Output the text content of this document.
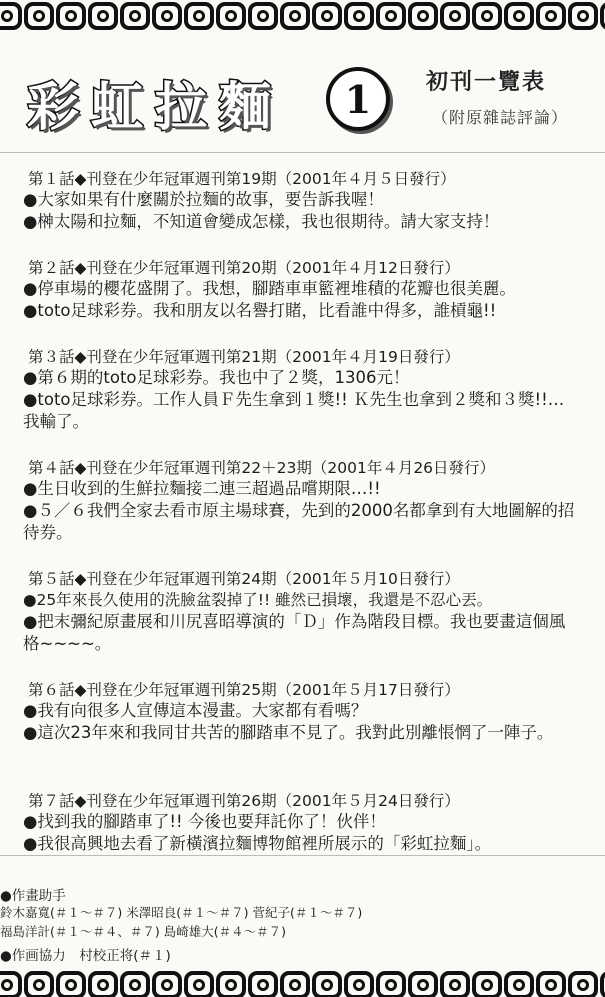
彩虹拉麵	1	初刊一覽表
（附原雜誌評論）
第１話◆刊登在少年冠軍週刊第19期（2001年４月５日發行）
●大家如果有什麼關於拉麵的故事，要告訴我喔！
●榊太陽和拉麵，不知道會變成怎樣，我也很期待。請大家支持！
第２話◆刊登在少年冠軍週刊第20期（2001年４月12日發行）
●停車場的櫻花盛開了。我想，腳踏車車籃裡堆積的花瓣也很美麗。
●toto足球彩券。我和朋友以名譽打賭，比看誰中得多，誰槓龜!!
第３話◆刊登在少年冠軍週刊第21期（2001年４月19日發行）
●第６期的toto足球彩券。我也中了２獎，1306元！
●toto足球彩券。工作人員Ｆ先生拿到１獎!! Ｋ先生也拿到２獎和３獎!!…我輸了。
第４話◆刊登在少年冠軍週刊第22＋23期（2001年４月26日發行）
●生日收到的生鮮拉麵接二連三超過品嚐期限…!!
●５／６我們全家去看市原主場球賽，先到的2000名都拿到有大地圖解的招待券。
第５話◆刊登在少年冠軍週刊第24期（2001年５月10日發行）
●25年來長久使用的洗臉盆裂掉了!! 雖然已損壞，我還是不忍心丟。
●把末彌紀原畫展和川尻喜昭導演的「Ｄ」作為階段目標。我也要畫這個風格~~~~。
第６話◆刊登在少年冠軍週刊第25期（2001年５月17日發行）
●我有向很多人宣傳這本漫畫。大家都有看嗎？
●這次23年來和我同甘共苦的腳踏車不見了。我對此別離悵惘了一陣子。
第７話◆刊登在少年冠軍週刊第26期（2001年５月24日發行）
●找到我的腳踏車了!! 今後也要拜託你了！伙伴！
●我很高興地去看了新橫濱拉麵博物館裡所展示的「彩虹拉麵」。
●作畫助手
鈴木嘉寬(＃１～＃７) 米澤昭良(＃１～＃７) 菅紀子(＃１～＃７)
福島洋計(＃１～＃４、＃７) 島崎雄大(＃４～＃７)
●作画協力　村校正将(＃１)
